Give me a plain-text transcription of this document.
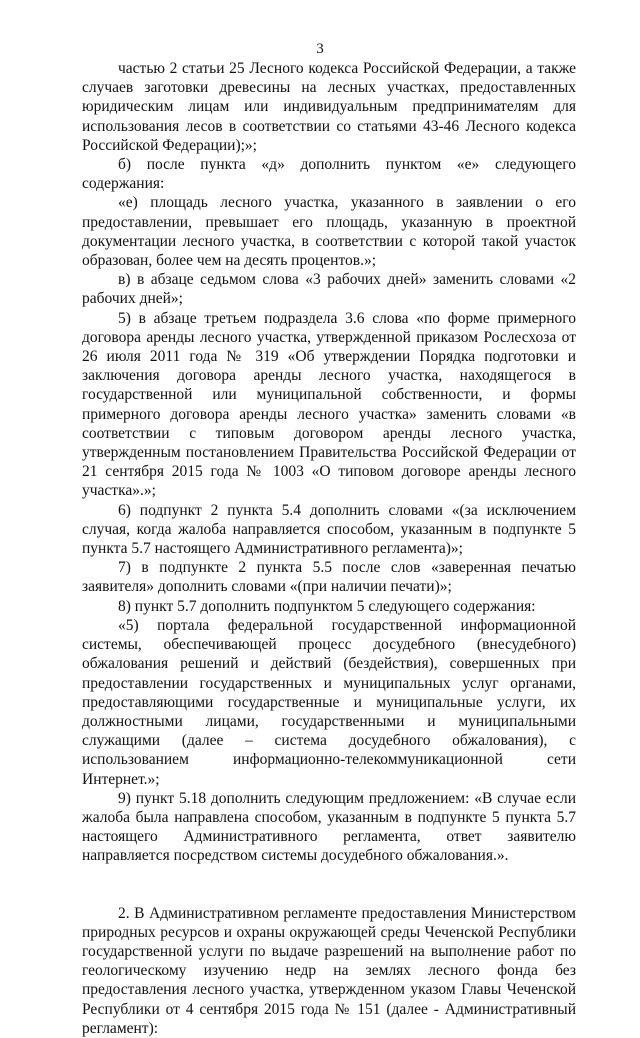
3

частью 2 статьи 25 Лесного кодекса Российской Федерации, а также случаев заготовки древесины на лесных участках, предоставленных юридическим лицам или индивидуальным предпринимателям для использования лесов в соответствии со статьями 43-46 Лесного кодекса Российской Федерации);»;

б) после пункта «д» дополнить пунктом «е» следующего содержания:

«е) площадь лесного участка, указанного в заявлении о его предоставлении, превышает его площадь, указанную в проектной документации лесного участка, в соответствии с которой такой участок образован, более чем на десять процентов.»;

в) в абзаце седьмом слова «3 рабочих дней» заменить словами «2 рабочих дней»;

5) в абзаце третьем подраздела 3.6 слова «по форме примерного договора аренды лесного участка, утвержденной приказом Рослесхоза от 26 июля 2011 года № 319 «Об утверждении Порядка подготовки и заключения договора аренды лесного участка, находящегося в государственной или муниципальной собственности, и формы примерного договора аренды лесного участка» заменить словами «в соответствии с типовым договором аренды лесного участка, утвержденным постановлением Правительства Российской Федерации от 21 сентября 2015 года № 1003 «О типовом договоре аренды лесного участка».»;

6) подпункт 2 пункта 5.4 дополнить словами «(за исключением случая, когда жалоба направляется способом, указанным в подпункте 5 пункта 5.7 настоящего Административного регламента)»;

7) в подпункте 2 пункта 5.5 после слов «заверенная печатью заявителя» дополнить словами «(при наличии печати)»;

8) пункт 5.7 дополнить подпунктом 5 следующего содержания:

«5) портала федеральной государственной информационной системы, обеспечивающей процесс досудебного (внесудебного) обжалования решений и действий (бездействия), совершенных при предоставлении государственных и муниципальных услуг органами, предоставляющими государственные и муниципальные услуги, их должностными лицами, государственными и муниципальными служащими (далее – система досудебного обжалования), с использованием информационно-телекоммуникационной сети Интернет.»;

9) пункт 5.18 дополнить следующим предложением: «В случае если жалоба была направлена способом, указанным в подпункте 5 пункта 5.7 настоящего Административного регламента, ответ заявителю направляется посредством системы досудебного обжалования.».

2. В Административном регламенте предоставления Министерством природных ресурсов и охраны окружающей среды Чеченской Республики государственной услуги по выдаче разрешений на выполнение работ по геологическому изучению недр на землях лесного фонда без предоставления лесного участка, утвержденном указом Главы Чеченской Республики от 4 сентября 2015 года № 151 (далее - Административный регламент):
